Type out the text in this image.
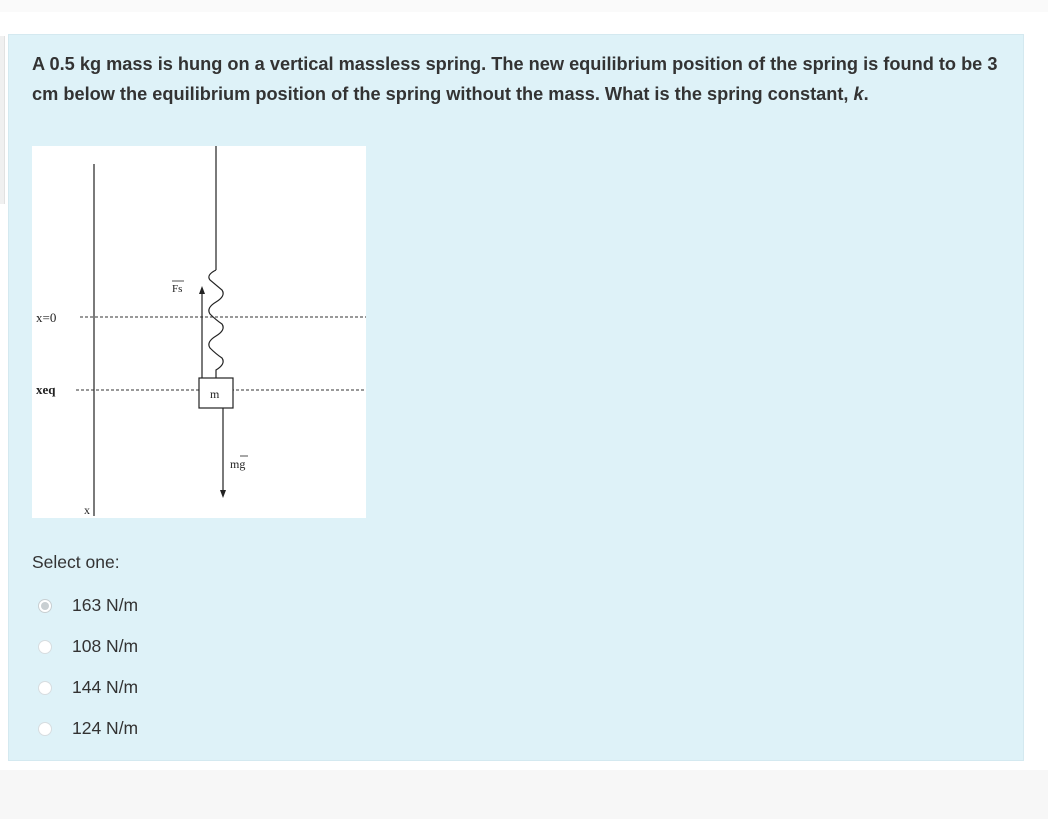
A 0.5 kg mass is hung on a vertical massless spring. The new equilibrium position of the spring is found to be 3 cm below the equilibrium position of the spring without the mass. What is the spring constant, k.

x=0
xeq
x
Fs
m
mg

Select one:

163 N/m
108 N/m
144 N/m
124 N/m
